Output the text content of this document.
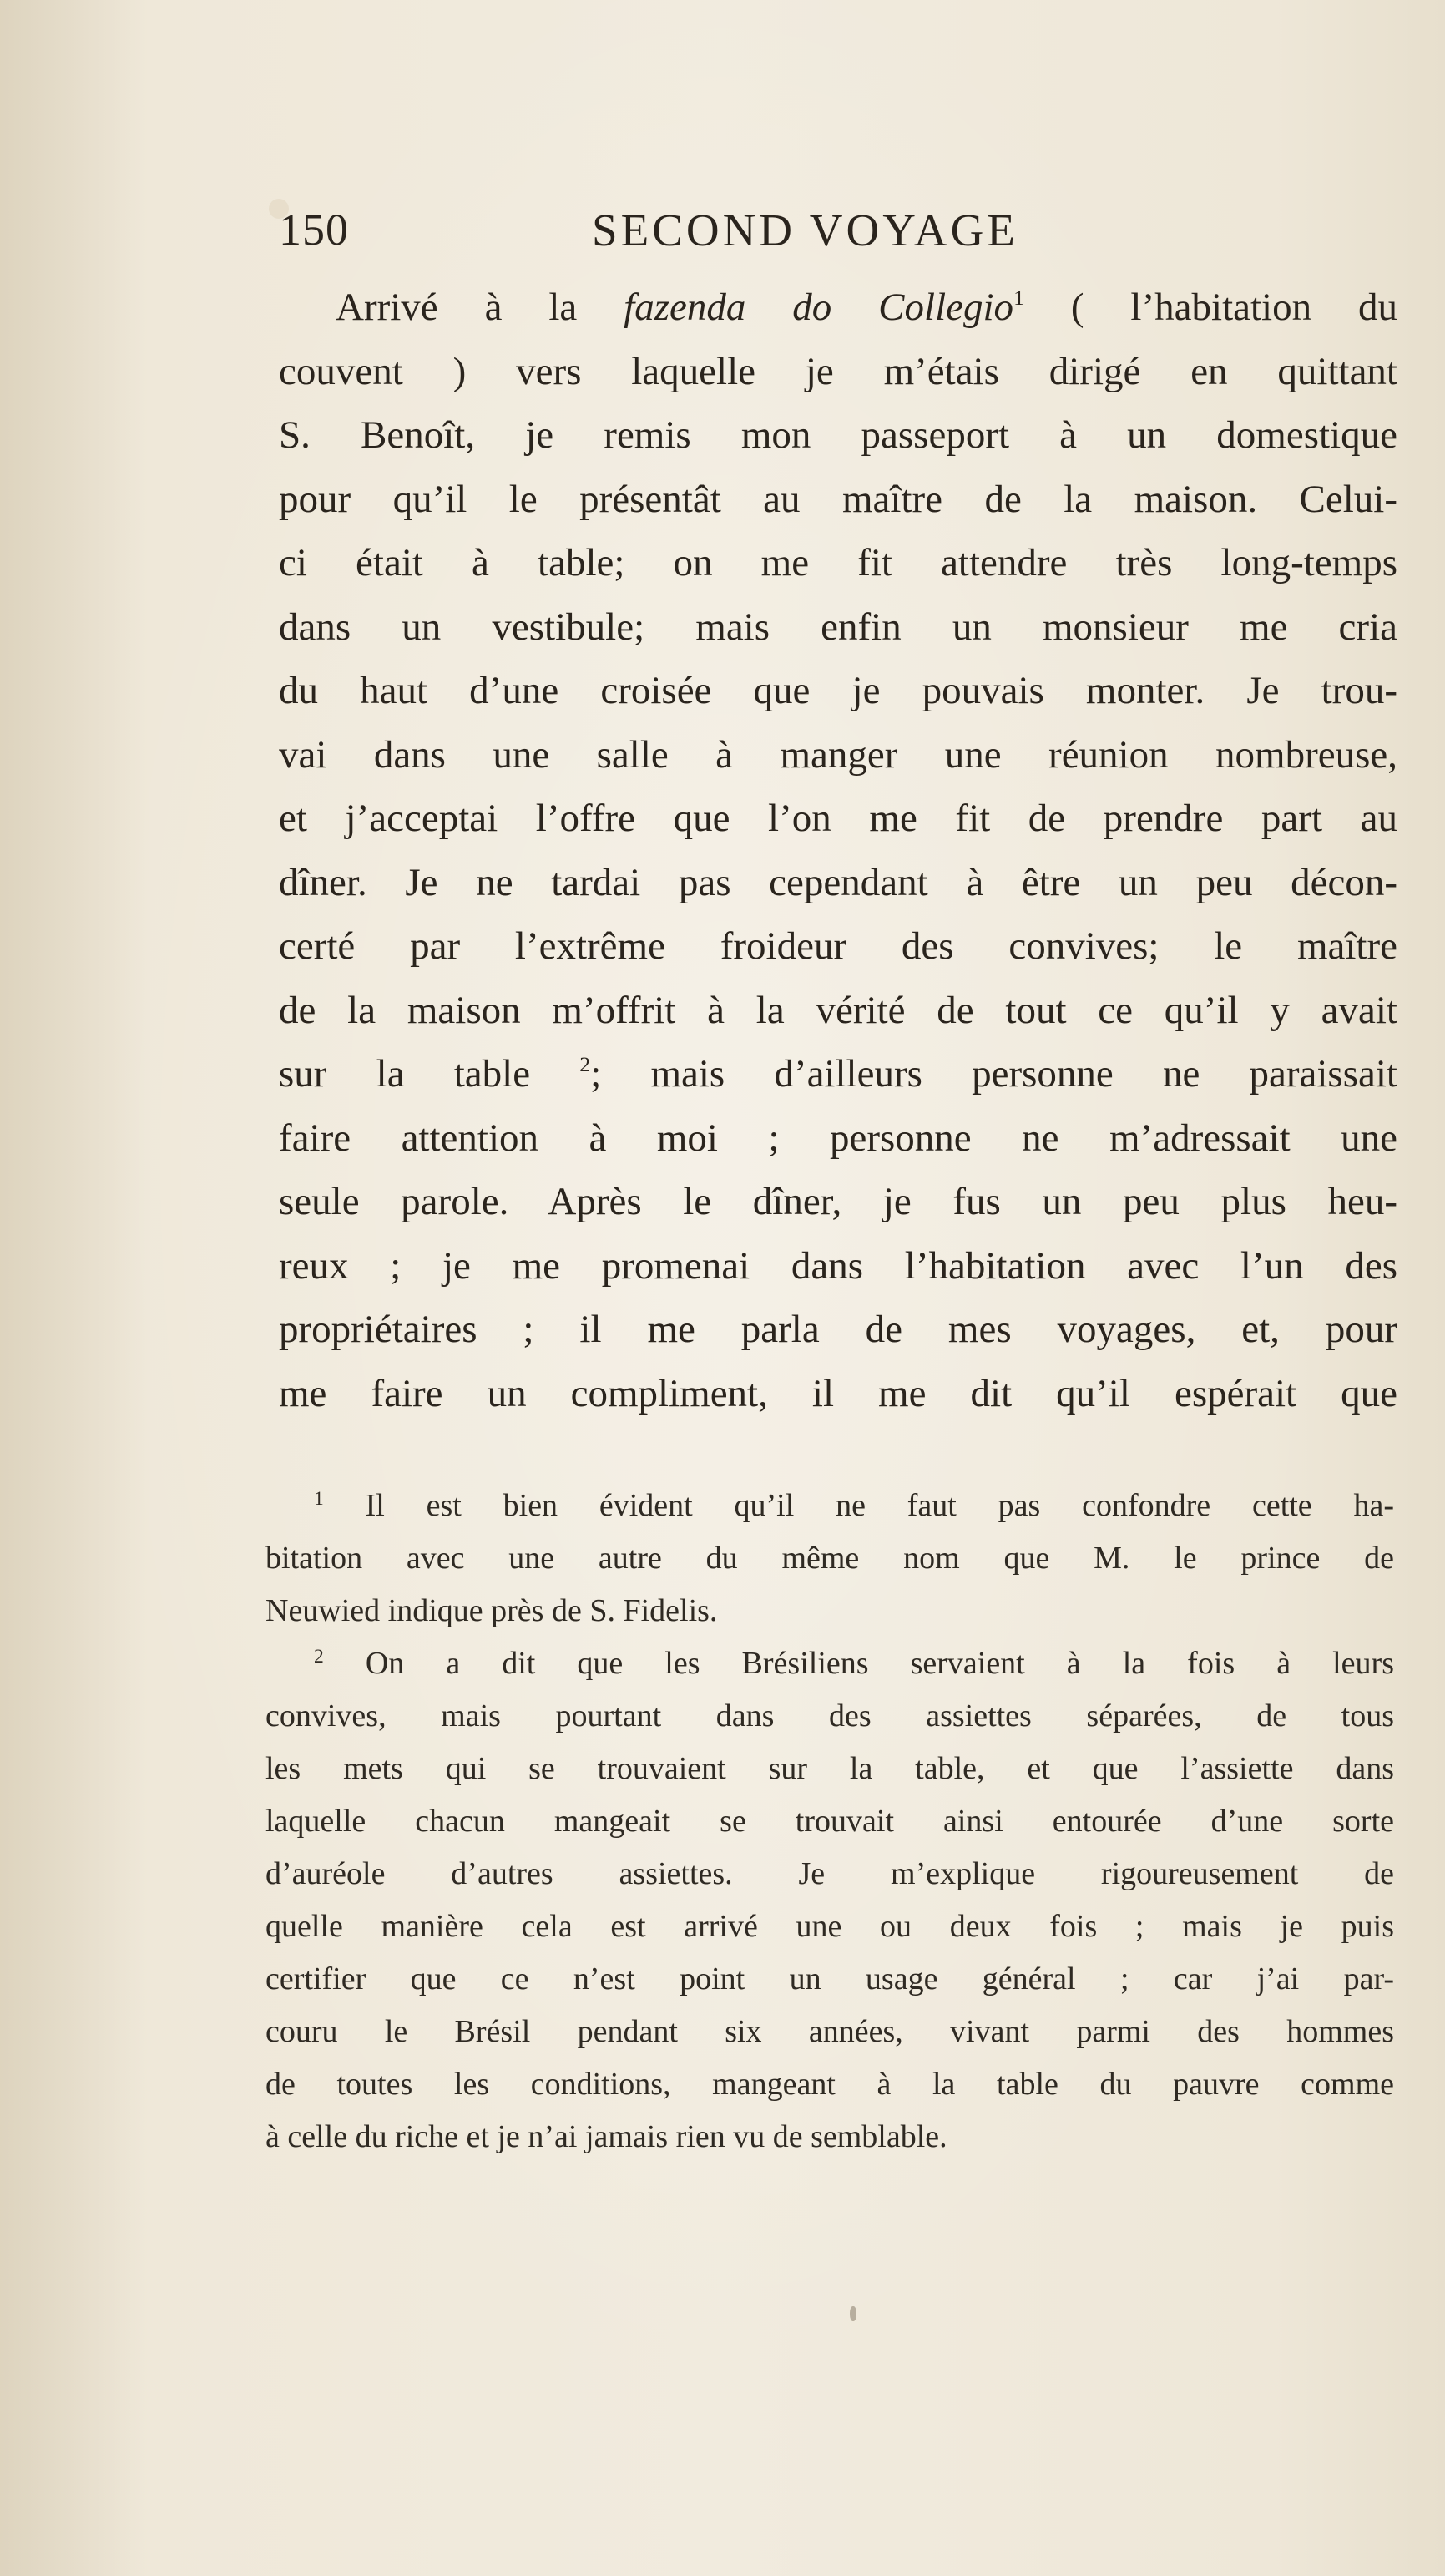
150	SECOND VOYAGE
Arrivé à la fazenda do Collegio$^1$ ( l’habitation du
couvent ) vers laquelle je m’étais dirigé en quittant
S. Benoît, je remis mon passeport à un domestique
pour qu’il le présentât au maître de la maison. Celui-
ci était à table; on me fit attendre très long-temps
dans un vestibule; mais enfin un monsieur me cria
du haut d’une croisée que je pouvais monter. Je trou-
vai dans une salle à manger une réunion nombreuse,
et j’acceptai l’offre que l’on me fit de prendre part au
dîner. Je ne tardai pas cependant à être un peu décon-
certé par l’extrême froideur des convives; le maître
de la maison m’offrit à la vérité de tout ce qu’il y avait
sur la table $^2$; mais d’ailleurs personne ne paraissait
faire attention à moi ; personne ne m’adressait une
seule parole. Après le dîner, je fus un peu plus heu-
reux ; je me promenai dans l’habitation avec l’un des
propriétaires ; il me parla de mes voyages, et, pour
me faire un compliment, il me dit qu’il espérait que
$^1$ Il est bien évident qu’il ne faut pas confondre cette ha-
bitation avec une autre du même nom que M. le prince de
Neuwied indique près de S. Fidelis.
$^2$ On a dit que les Brésiliens servaient à la fois à leurs
convives, mais pourtant dans des assiettes séparées, de tous
les mets qui se trouvaient sur la table, et que l’assiette dans
laquelle chacun mangeait se trouvait ainsi entourée d’une sorte
d’auréole d’autres assiettes. Je m’explique rigoureusement de
quelle manière cela est arrivé une ou deux fois ; mais je puis
certifier que ce n’est point un usage général ; car j’ai par-
couru le Brésil pendant six années, vivant parmi des hommes
de toutes les conditions, mangeant à la table du pauvre comme
à celle du riche et je n’ai jamais rien vu de semblable.
